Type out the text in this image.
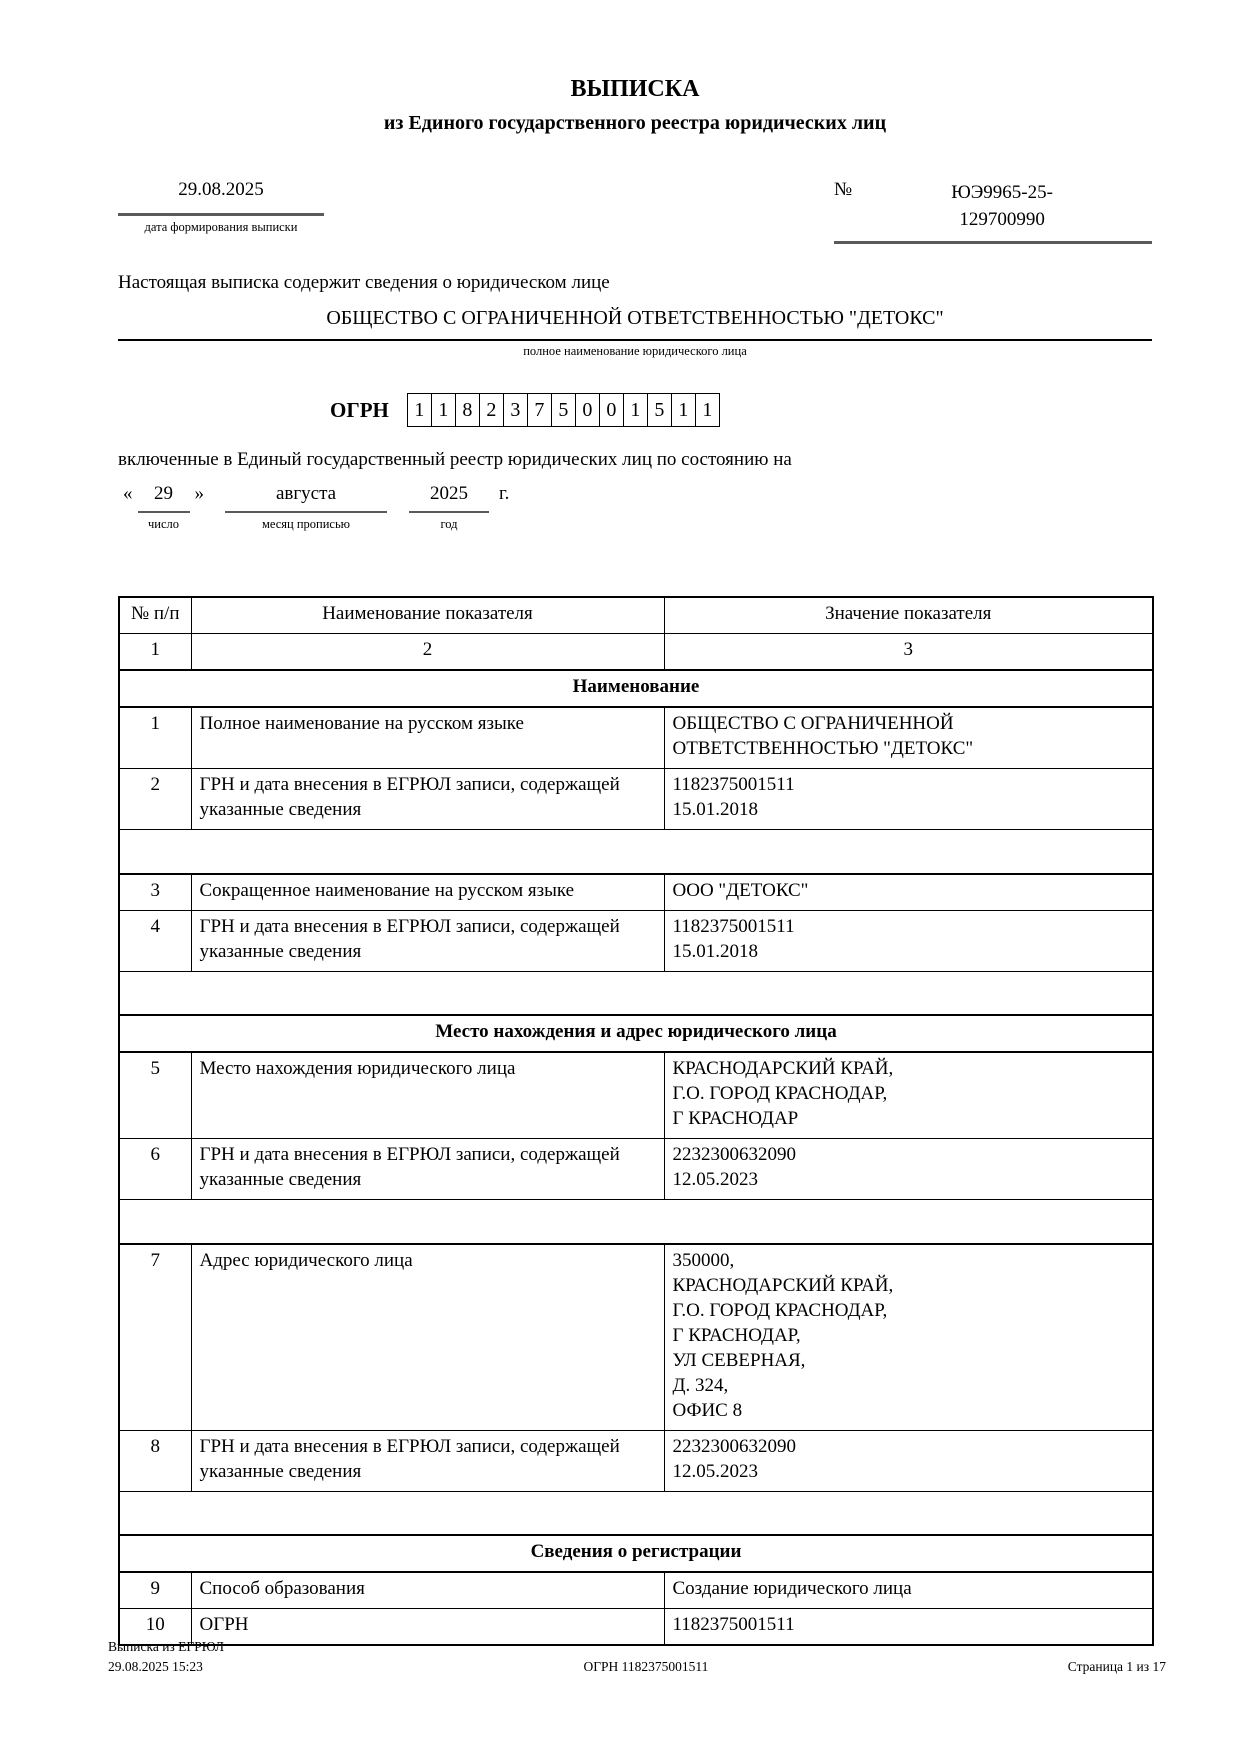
ВЫПИСКА
из Единого государственного реестра юридических лиц
29.08.2025
дата формирования выписки
№	ЮЭ9965-25-
129700990
Настоящая выписка содержит сведения о юридическом лице
ОБЩЕСТВО С ОГРАНИЧЕННОЙ ОТВЕТСТВЕННОСТЬЮ "ДЕТОКС"
полное наименование юридического лица
ОГРН	1 1 8 2 3 7 5 0 0 1 5 1 1
включенные в Единый государственный реестр юридических лиц по состоянию на
«	29
число
»	августа
месяц прописью
2025
год
г.
№ п/п	Наименование показателя	Значение показателя
1	2	3
Наименование		
1	Полное наименование на русском языке	ОБЩЕСТВО С ОГРАНИЧЕННОЙ
ОТВЕТСТВЕННОСТЬЮ "ДЕТОКС"

2	ГРН и дата внесения в ЕГРЮЛ записи, содержащей указанные сведения	1182375001511
15.01.2018

3	Сокращенное наименование на русском языке	ООО "ДЕТОКС"

4	ГРН и дата внесения в ЕГРЮЛ записи, содержащей указанные сведения	1182375001511
15.01.2018

Место нахождения и адрес юридического лица		
5	Место нахождения юридического лица	КРАСНОДАРСКИЙ КРАЙ,
Г.О. ГОРОД КРАСНОДАР,
Г КРАСНОДАР

6	ГРН и дата внесения в ЕГРЮЛ записи, содержащей указанные сведения	2232300632090
12.05.2023

7	Адрес юридического лица	350000,
КРАСНОДАРСКИЙ КРАЙ,
Г.О. ГОРОД КРАСНОДАР,
Г КРАСНОДАР,
УЛ СЕВЕРНАЯ,
Д. 324,
ОФИС 8

8	ГРН и дата внесения в ЕГРЮЛ записи, содержащей указанные сведения	2232300632090
12.05.2023

Сведения о регистрации		
9	Способ образования	Создание юридического лица

10	ОГРН	1182375001511
Выписка из ЕГРЮЛ
29.08.2025 15:23	ОГРН 1182375001511	Страница 1 из 17
